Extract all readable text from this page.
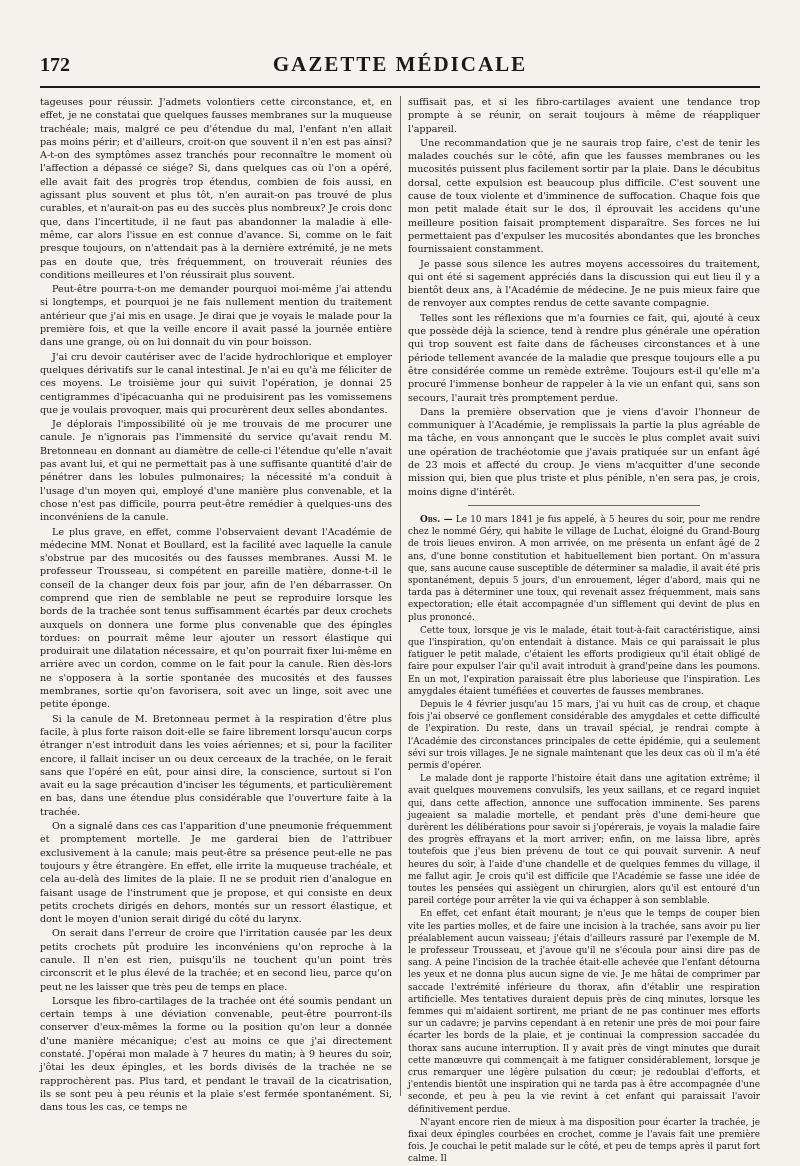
172	GAZETTE MÉDICALE

tageuses pour réussir. J'admets volontiers cette circonstance, et, en effet, je ne constatai que quelques fausses membranes sur la muqueuse trachéale; mais, malgré ce peu d'étendue du mal, l'enfant n'en allait pas moins périr; et d'ailleurs, croit-on que souvent il n'en est pas ainsi? A-t-on des symptômes assez tranchés pour reconnaître le moment où l'affection a dépassé ce siége? Si, dans quelques cas où l'on a opéré, elle avait fait des progrès trop étendus, combien de fois aussi, en agissant plus souvent et plus tôt, n'en aurait-on pas trouvé de plus curables, et n'aurait-on pas eu des succès plus nombreux? Je crois donc que, dans l'incertitude, il ne faut pas abandonner la maladie à elle-même, car alors l'issue en est connue d'avance. Si, comme on le fait presque toujours, on n'attendait pas à la dernière extrémité, je ne mets pas en doute que, très fréquemment, on trouverait réunies des conditions meilleures et l'on réussirait plus souvent.

Peut-être pourra-t-on me demander pourquoi moi-même j'ai attendu si longtemps, et pourquoi je ne fais nullement mention du traitement antérieur que j'ai mis en usage. Je dirai que je voyais le malade pour la première fois, et que la veille encore il avait passé la journée entière dans une grange, où on lui donnait du vin pour boisson.

J'ai cru devoir cautériser avec de l'acide hydrochlorique et employer quelques dérivatifs sur le canal intestinal. Je n'ai eu qu'à me féliciter de ces moyens. Le troisième jour qui suivit l'opération, je donnai 25 centigrammes d'ipécacuanha qui ne produisirent pas les vomissemens que je voulais provoquer, mais qui procurèrent deux selles abondantes.

Je déplorais l'impossibilité où je me trouvais de me procurer une canule. Je n'ignorais pas l'immensité du service qu'avait rendu M. Bretonneau en donnant au diamètre de celle-ci l'étendue qu'elle n'avait pas avant lui, et qui ne permettait pas à une suffisante quantité d'air de pénétrer dans les lobules pulmonaires; la nécessité m'a conduit à l'usage d'un moyen qui, employé d'une manière plus convenable, et la chose n'est pas difficile, pourra peut-être remédier à quelques-uns des inconvéniens de la canule.

Le plus grave, en effet, comme l'observaient devant l'Académie de médecine MM. Nonat et Boullard, est la facilité avec laquelle la canule s'obstrue par des mucosités ou des fausses membranes. Aussi M. le professeur Trousseau, si compétent en pareille matière, donne-t-il le conseil de la changer deux fois par jour, afin de l'en débarrasser. On comprend que rien de semblable ne peut se reproduire lorsque les bords de la trachée sont tenus suffisamment écartés par deux crochets auxquels on donnera une forme plus convenable que des épingles tordues: on pourrait même leur ajouter un ressort élastique qui produirait une dilatation nécessaire, et qu'on pourrait fixer lui-même en arrière avec un cordon, comme on le fait pour la canule. Rien dès-lors ne s'opposera à la sortie spontanée des mucosités et des fausses membranes, sortie qu'on favorisera, soit avec un linge, soit avec une petite éponge.

Si la canule de M. Bretonneau permet à la respiration d'être plus facile, à plus forte raison doit-elle se faire librement lorsqu'aucun corps étranger n'est introduit dans les voies aériennes; et si, pour la faciliter encore, il fallait inciser un ou deux cerceaux de la trachée, on le ferait sans que l'opéré en eût, pour ainsi dire, la conscience, surtout si l'on avait eu la sage précaution d'inciser les téguments, et particulièrement en bas, dans une étendue plus considérable que l'ouverture faite à la trachée.

On a signalé dans ces cas l'apparition d'une pneumonie fréquemment et promptement mortelle. Je me garderai bien de l'attribuer exclusivement à la canule; mais peut-être sa présence peut-elle ne pas toujours y être étrangère. En effet, elle irrite la muqueuse trachéale, et cela au-delà des limites de la plaie. Il ne se produit rien d'analogue en faisant usage de l'instrument que je propose, et qui consiste en deux petits crochets dirigés en dehors, montés sur un ressort élastique, et dont le moyen d'union serait dirigé du côté du larynx.

On serait dans l'erreur de croire que l'irritation causée par les deux petits crochets pût produire les inconvéniens qu'on reproche à la canule. Il n'en est rien, puisqu'ils ne touchent qu'un point très circonscrit et le plus élevé de la trachée; et en second lieu, parce qu'on peut ne les laisser que très peu de temps en place.

Lorsque les fibro-cartilages de la trachée ont été soumis pendant un certain temps à une déviation convenable, peut-être pourront-ils conserver d'eux-mêmes la forme ou la position qu'on leur a donnée d'une manière mécanique; c'est au moins ce que j'ai directement constaté. J'opérai mon malade à 7 heures du matin; à 9 heures du soir, j'ôtai les deux épingles, et les bords divisés de la trachée ne se rapprochèrent pas. Plus tard, et pendant le travail de la cicatrisation, ils se sont peu à peu réunis et la plaie s'est fermée spontanément. Si, dans tous les cas, ce temps ne

suffisait pas, et si les fibro-cartilages avaient une tendance trop prompte à se réunir, on serait toujours à même de réappliquer l'appareil.

Une recommandation que je ne saurais trop faire, c'est de tenir les malades couchés sur le côté, afin que les fausses membranes ou les mucosités puissent plus facilement sortir par la plaie. Dans le décubitus dorsal, cette expulsion est beaucoup plus difficile. C'est souvent une cause de toux violente et d'imminence de suffocation. Chaque fois que mon petit malade était sur le dos, il éprouvait les accidens qu'une meilleure position faisait promptement disparaître. Ses forces ne lui permettaient pas d'expulser les mucosités abondantes que les bronches fournissaient constamment.

Je passe sous silence les autres moyens accessoires du traitement, qui ont été si sagement appréciés dans la discussion qui eut lieu il y a bientôt deux ans, à l'Académie de médecine. Je ne puis mieux faire que de renvoyer aux comptes rendus de cette savante compagnie.

Telles sont les réflexions que m'a fournies ce fait, qui, ajouté à ceux que possède déjà la science, tend à rendre plus générale une opération qui trop souvent est faite dans de fâcheuses circonstances et à une période tellement avancée de la maladie que presque toujours elle a pu être considérée comme un remède extrême. Toujours est-il qu'elle m'a procuré l'immense bonheur de rappeler à la vie un enfant qui, sans son secours, l'aurait très promptement perdue.

Dans la première observation que je viens d'avoir l'honneur de communiquer à l'Académie, je remplissais la partie la plus agréable de ma tâche, en vous annonçant que le succès le plus complet avait suivi une opération de trachéotomie que j'avais pratiquée sur un enfant âgé de 23 mois et affecté du croup. Je viens m'acquitter d'une seconde mission qui, bien que plus triste et plus pénible, n'en sera pas, je crois, moins digne d'intérêt.

Obs. — Le 10 mars 1841 je fus appelé, à 5 heures du soir, pour me rendre chez le nommé Géry, qui habite le village de Luchat, éloigné du Grand-Bourg de trois lieues environ. A mon arrivée, on me présenta un enfant âgé de 2 ans, d'une bonne constitution et habituellement bien portant. On m'assura que, sans aucune cause susceptible de déterminer sa maladie, il avait été pris spontanément, depuis 5 jours, d'un enrouement, léger d'abord, mais qui ne tarda pas à déterminer une toux, qui revenait assez fréquemment, mais sans expectoration; elle était accompagnée d'un sifflement qui devint de plus en plus prononcé.

Cette toux, lorsque je vis le malade, était tout-à-fait caractéristique, ainsi que l'inspiration, qu'on entendait à distance. Mais ce qui paraissait le plus fatiguer le petit malade, c'étaient les efforts prodigieux qu'il était obligé de faire pour expulser l'air qu'il avait introduit à grand'peine dans les poumons. En un mot, l'expiration paraissait être plus laborieuse que l'inspiration. Les amygdales étaient tuméfiées et couvertes de fausses membranes.

Depuis le 4 février jusqu'au 15 mars, j'ai vu huit cas de croup, et chaque fois j'ai observé ce gonflement considérable des amygdales et cette difficulté de l'expiration. Du reste, dans un travail spécial, je rendrai compte à l'Académie des circonstances principales de cette épidémie, qui a seulement sévi sur trois villages. Je ne signale maintenant que les deux cas où il m'a été permis d'opérer.

Le malade dont je rapporte l'histoire était dans une agitation extrême; il avait quelques mouvemens convulsifs, les yeux saillans, et ce regard inquiet qui, dans cette affection, annonce une suffocation imminente. Ses parens jugeaient sa maladie mortelle, et pendant près d'une demi-heure que durèrent les délibérations pour savoir si j'opérerais, je voyais la maladie faire des progrès effrayans et la mort arriver; enfin, on me laissa libre, après toutefois que j'eus bien prévenu de tout ce qui pouvait survenir. A neuf heures du soir, à l'aide d'une chandelle et de quelques femmes du village, il me fallut agir. Je crois qu'il est difficile que l'Académie se fasse une idée de toutes les pensées qui assiègent un chirurgien, alors qu'il est entouré d'un pareil cortége pour arrêter la vie qui va échapper à son semblable.

En effet, cet enfant était mourant; je n'eus que le temps de couper bien vite les parties molles, et de faire une incision à la trachée, sans avoir pu lier préalablement aucun vaisseau; j'étais d'ailleurs rassuré par l'exemple de M. le professeur Trousseau, et j'avoue qu'il ne s'écoula pour ainsi dire pas de sang. A peine l'incision de la trachée était-elle achevée que l'enfant détourna les yeux et ne donna plus aucun signe de vie. Je me hâtai de comprimer par saccade l'extrémité inférieure du thorax, afin d'établir une respiration artificielle. Mes tentatives duraient depuis près de cinq minutes, lorsque les femmes qui m'aidaient sortirent, me priant de ne pas continuer mes efforts sur un cadavre; je parvins cependant à en retenir une près de moi pour faire écarter les bords de la plaie, et je continuai la compression saccadée du thorax sans aucune interruption. Il y avait près de vingt minutes que durait cette manœuvre qui commençait à me fatiguer considérablement, lorsque je crus remarquer une légère pulsation du cœur; je redoublai d'efforts, et j'entendis bientôt une inspiration qui ne tarda pas à être accompagnée d'une seconde, et peu à peu la vie revint à cet enfant qui paraissait l'avoir définitivement perdue.

N'ayant encore rien de mieux à ma disposition pour écarter la trachée, je fixai deux épingles courbées en crochet, comme je l'avais fait une première fois. Je couchai le petit malade sur le côté, et peu de temps après il parut fort calme. Il
